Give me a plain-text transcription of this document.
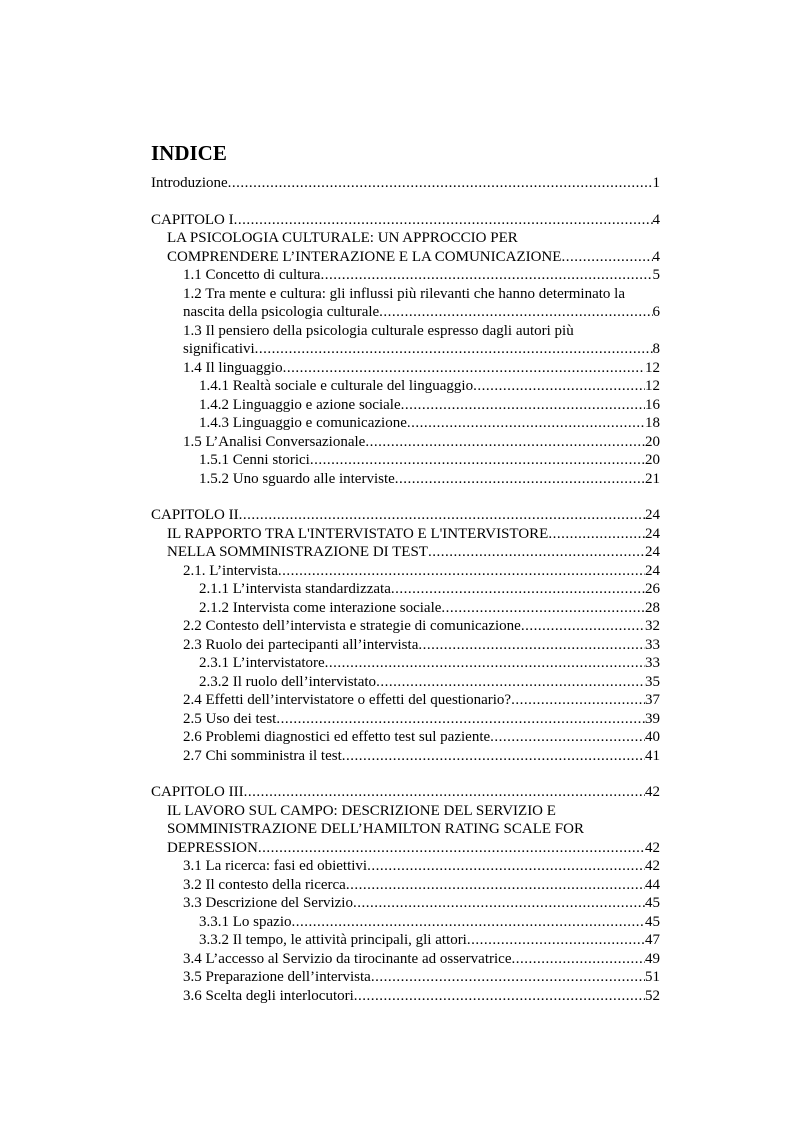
INDICE
Introduzione .....	1
CAPITOLO I .....	4
LA PSICOLOGIA CULTURALE: UN APPROCCIO PER
COMPRENDERE L’INTERAZIONE E LA COMUNICAZIONE .....	4
1.1 Concetto di cultura .....	5
1.2 Tra mente e cultura: gli influssi più rilevanti che hanno determinato la
nascita della psicologia culturale .....	6
1.3 Il pensiero della psicologia culturale espresso dagli autori più
significativi .....	8
1.4 Il linguaggio .....	12
1.4.1 Realtà sociale e culturale del linguaggio .....	12
1.4.2 Linguaggio e azione sociale .....	16
1.4.3 Linguaggio e comunicazione .....	18
1.5 L’Analisi Conversazionale .....	20
1.5.1 Cenni storici .....	20
1.5.2 Uno sguardo alle interviste .....	21
CAPITOLO II .....	24
IL RAPPORTO TRA L'INTERVISTATO E L'INTERVISTORE .....	24
NELLA SOMMINISTRAZIONE DI TEST .....	24
2.1. L’intervista .....	24
2.1.1 L’intervista standardizzata .....	26
2.1.2 Intervista come interazione sociale .....	28
2.2 Contesto dell’intervista e strategie di comunicazione .....	32
2.3 Ruolo dei partecipanti all’intervista .....	33
2.3.1 L’intervistatore .....	33
2.3.2 Il ruolo dell’intervistato .....	35
2.4 Effetti dell’intervistatore o effetti del questionario? .....	37
2.5 Uso dei test .....	39
2.6 Problemi diagnostici ed effetto test sul paziente .....	40
2.7 Chi somministra il test .....	41
CAPITOLO III .....	42
IL LAVORO SUL CAMPO: DESCRIZIONE DEL SERVIZIO E
SOMMINISTRAZIONE DELL’HAMILTON RATING SCALE FOR
DEPRESSION .....	42
3.1 La ricerca: fasi ed obiettivi .....	42
3.2 Il contesto della ricerca .....	44
3.3 Descrizione del Servizio .....	45
3.3.1 Lo spazio .....	45
3.3.2 Il tempo, le attività principali, gli attori .....	47
3.4 L’accesso al Servizio da tirocinante ad osservatrice .....	49
3.5 Preparazione dell’intervista .....	51
3.6 Scelta degli interlocutori .....	52
